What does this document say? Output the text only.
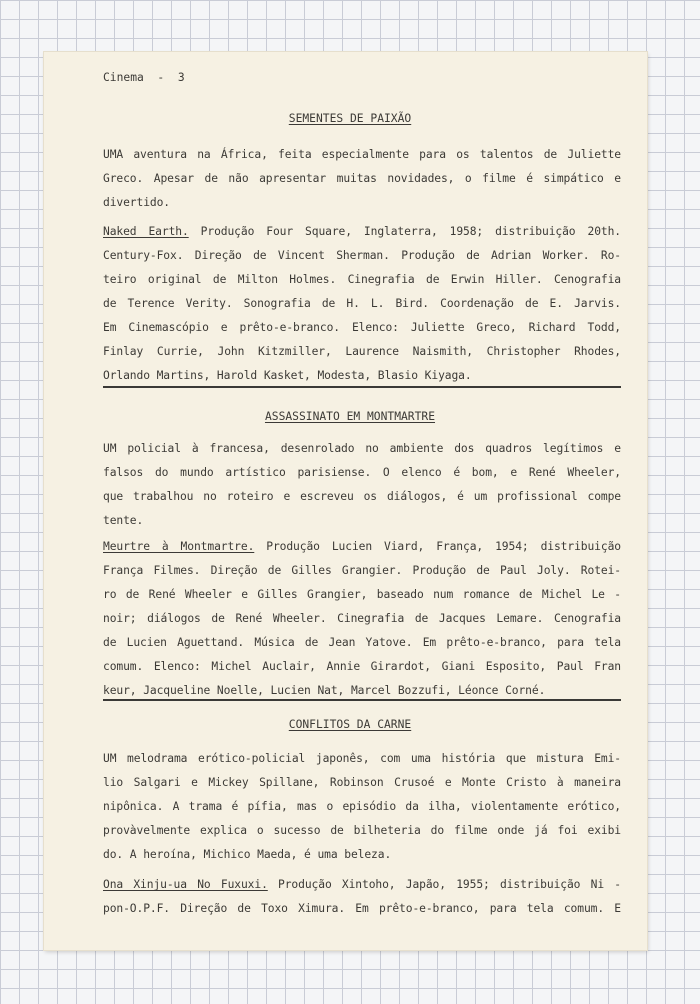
Cinema  -  3
SEMENTES DE PAIXÃO
UMA aventura na África, feita especialmente para os talentos de Juliette
Greco. Apesar de não apresentar muitas novidades, o filme é simpático e
divertido.
Naked Earth. Produção Four Square, Inglaterra, 1958; distribuição 20th.
Century-Fox. Direção de Vincent Sherman. Produção de Adrian Worker. Ro-
teiro original de Milton Holmes. Cinegrafia de Erwin Hiller. Cenografia
de Terence Verity. Sonografia de H. L. Bird. Coordenação de E. Jarvis.
Em Cinemascópio e prêto-e-branco. Elenco: Juliette Greco, Richard Todd,
Finlay Currie, John Kitzmiller, Laurence Naismith, Christopher Rhodes,
Orlando Martins, Harold Kasket, Modesta, Blasio Kiyaga.
ASSASSINATO EM MONTMARTRE
UM policial à francesa, desenrolado no ambiente dos quadros legítimos e
falsos do mundo artístico parisiense. O elenco é bom, e René Wheeler,
que trabalhou no roteiro e escreveu os diálogos, é um profissional compe
tente.
Meurtre à Montmartre. Produção Lucien Viard, França, 1954; distribuição
França Filmes. Direção de Gilles Grangier. Produção de Paul Joly. Rotei-
ro de René Wheeler e Gilles Grangier, baseado num romance de Michel Le -
noir; diálogos de René Wheeler. Cinegrafia de Jacques Lemare. Cenografia
de Lucien Aguettand. Música de Jean Yatove. Em prêto-e-branco, para tela
comum. Elenco: Michel Auclair, Annie Girardot, Giani Esposito, Paul Fran
keur, Jacqueline Noelle, Lucien Nat, Marcel Bozzufi, Léonce Corné.
CONFLITOS DA CARNE
UM melodrama erótico-policial japonês, com uma história que mistura Emi-
lio Salgari e Mickey Spillane, Robinson Crusoé e Monte Cristo à maneira
nipônica. A trama é pífia, mas o episódio da ilha, violentamente erótico,
provàvelmente explica o sucesso de bilheteria do filme onde já foi exibi
do. A heroína, Michico Maeda, é uma beleza.
Ona Xinju-ua No Fuxuxi. Produção Xintoho, Japão, 1955; distribuição Ni -
pon-O.P.F. Direção de Toxo Ximura. Em prêto-e-branco, para tela comum. E
